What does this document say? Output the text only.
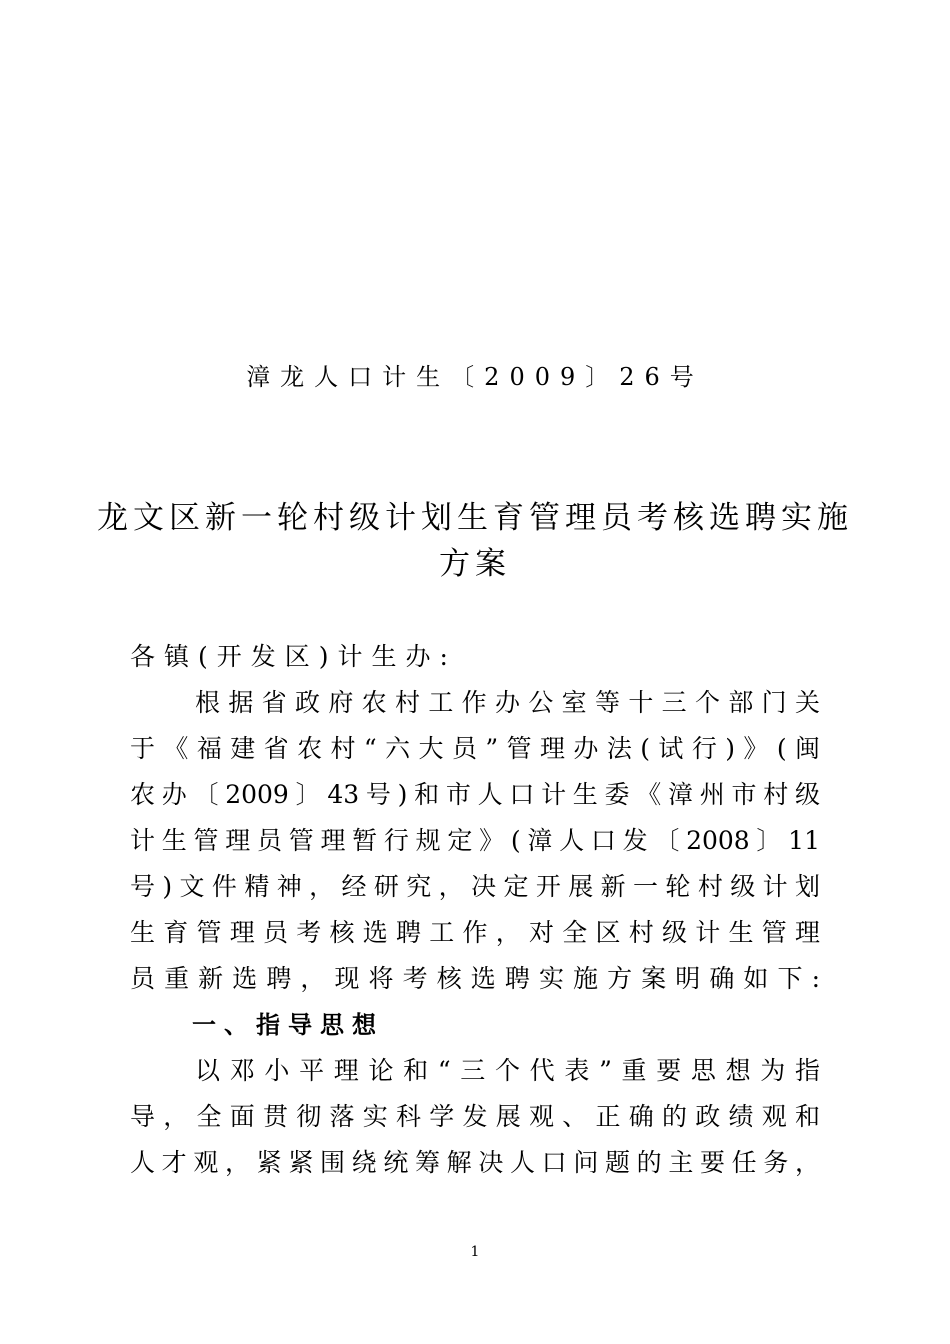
漳龙人口计生〔2009〕26号
龙文区新一轮村级计划生育管理员考核选聘实施
方案
各镇(开发区)计生办:
根据省政府农村工作办公室等十三个部门关
于《福建省农村“六大员”管理办法(试行)》(闽
农办〔2009〕43号)和市人口计生委《漳州市村级
计生管理员管理暂行规定》(漳人口发〔2008〕11
号)文件精神，经研究，决定开展新一轮村级计划
生育管理员考核选聘工作，对全区村级计生管理
员重新选聘，现将考核选聘实施方案明确如下:
一、指导思想
以邓小平理论和“三个代表”重要思想为指
导，全面贯彻落实科学发展观、正确的政绩观和
人才观，紧紧围绕统筹解决人口问题的主要任务，
1
